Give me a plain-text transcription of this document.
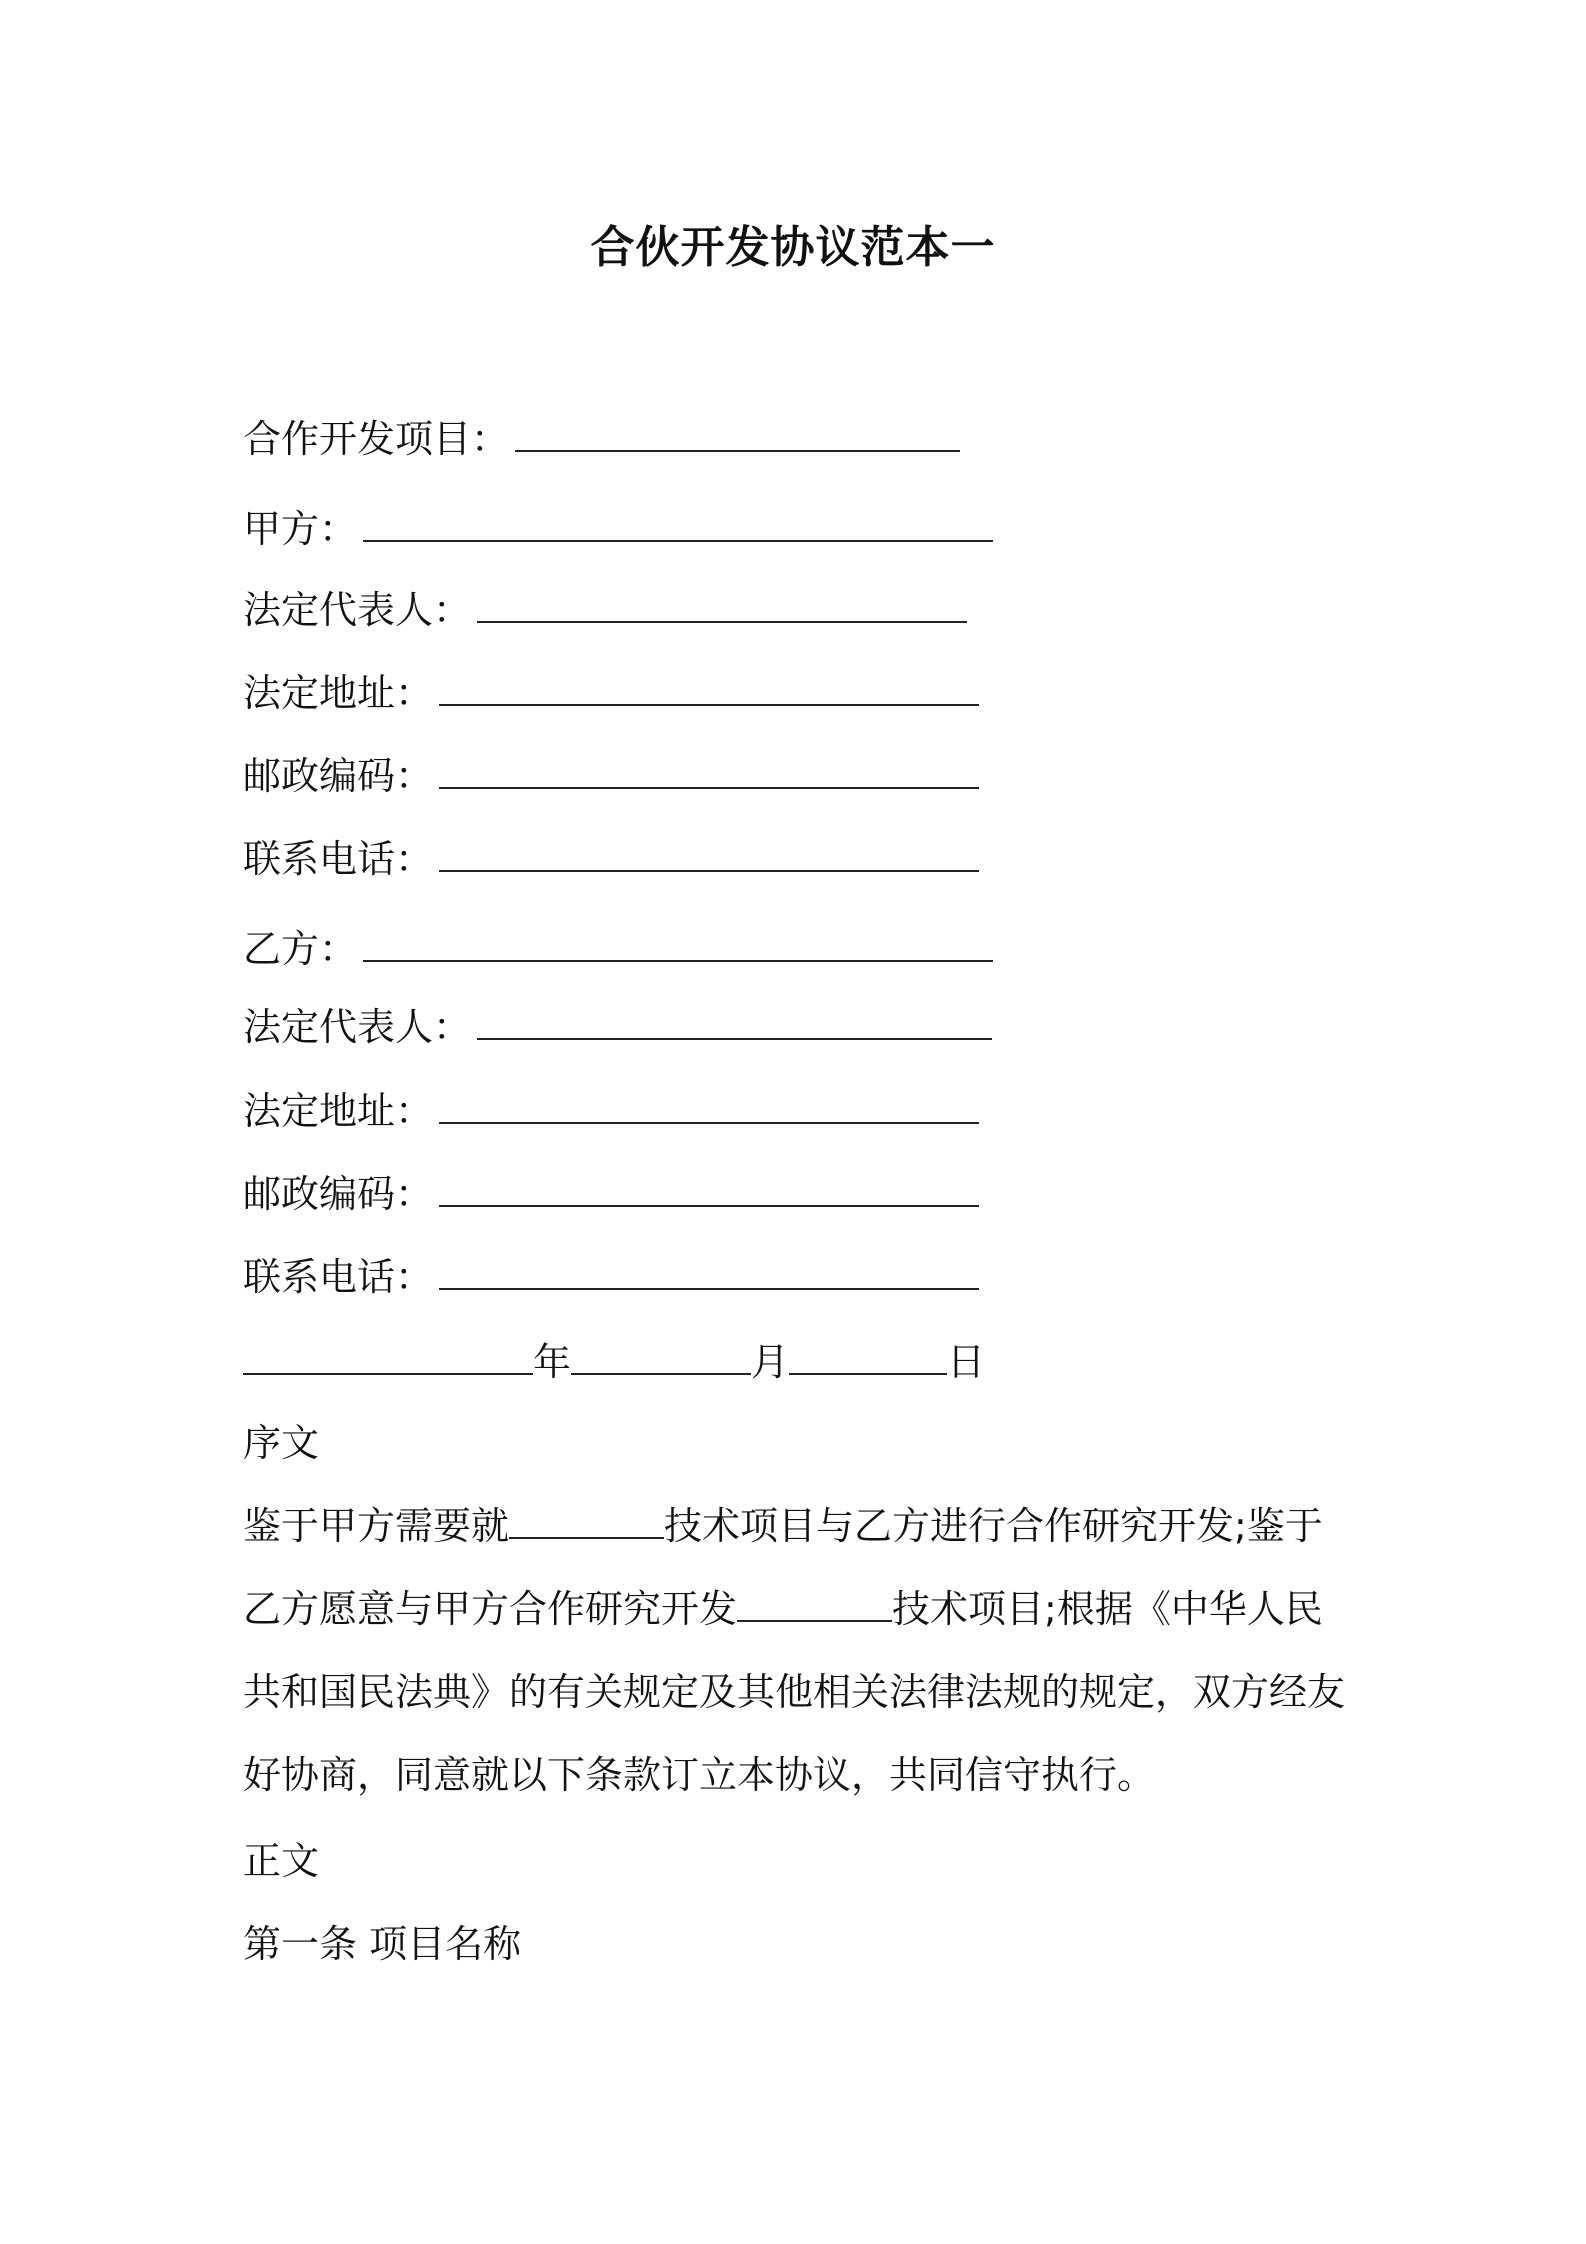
合伙开发协议范本一
合作开发项目：
甲方：
法定代表人：
法定地址：
邮政编码：
联系电话：
乙方：
法定代表人：
法定地址：
邮政编码：
联系电话：
年	月	日
序文
鉴于甲方需要就	技术项目与乙方进行合作研究开发;鉴于乙方愿意与甲方合作研究开发	技术项目;根据《中华人民共和国民法典》的有关规定及其他相关法律法规的规定，双方经友好协商，同意就以下条款订立本协议，共同信守执行。
正文
第一条 项目名称
